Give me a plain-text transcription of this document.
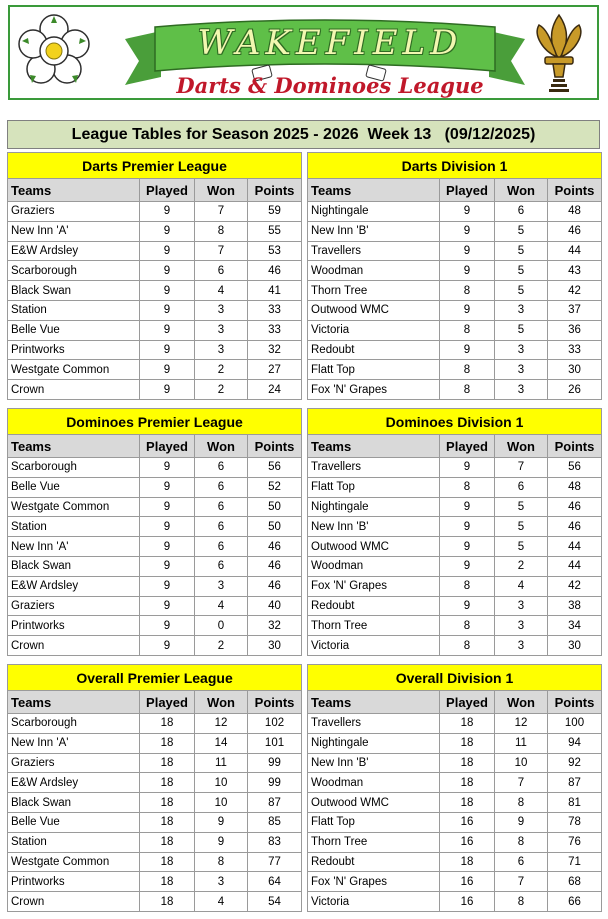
WAKEFIELD
Darts & Dominoes League
League Tables for Season 2025 - 2026  Week 13   (09/12/2025)
Darts Premier League			
Teams	Played	Won	Points
Graziers	9	7	59
New Inn 'A'	9	8	55
E&W Ardsley	9	7	53
Scarborough	9	6	46
Black Swan	9	4	41
Station	9	3	33
Belle Vue	9	3	33
Printworks	9	3	32
Westgate Common	9	2	27
Crown	9	2	24
Darts Division 1			
Teams	Played	Won	Points
Nightingale	9	6	48
New Inn 'B'	9	5	46
Travellers	9	5	44
Woodman	9	5	43
Thorn Tree	8	5	42
Outwood WMC	9	3	37
Victoria	8	5	36
Redoubt	9	3	33
Flatt Top	8	3	30
Fox 'N' Grapes	8	3	26
Dominoes Premier League			
Teams	Played	Won	Points
Scarborough	9	6	56
Belle Vue	9	6	52
Westgate Common	9	6	50
Station	9	6	50
New Inn 'A'	9	6	46
Black Swan	9	6	46
E&W Ardsley	9	3	46
Graziers	9	4	40
Printworks	9	0	32
Crown	9	2	30
Dominoes Division 1			
Teams	Played	Won	Points
Travellers	9	7	56
Flatt Top	8	6	48
Nightingale	9	5	46
New Inn 'B'	9	5	46
Outwood WMC	9	5	44
Woodman	9	2	44
Fox 'N' Grapes	8	4	42
Redoubt	9	3	38
Thorn Tree	8	3	34
Victoria	8	3	30
Overall Premier League			
Teams	Played	Won	Points
Scarborough	18	12	102
New Inn 'A'	18	14	101
Graziers	18	11	99
E&W Ardsley	18	10	99
Black Swan	18	10	87
Belle Vue	18	9	85
Station	18	9	83
Westgate Common	18	8	77
Printworks	18	3	64
Crown	18	4	54
Overall Division 1			
Teams	Played	Won	Points
Travellers	18	12	100
Nightingale	18	11	94
New Inn 'B'	18	10	92
Woodman	18	7	87
Outwood WMC	18	8	81
Flatt Top	16	9	78
Thorn Tree	16	8	76
Redoubt	18	6	71
Fox 'N' Grapes	16	7	68
Victoria	16	8	66
